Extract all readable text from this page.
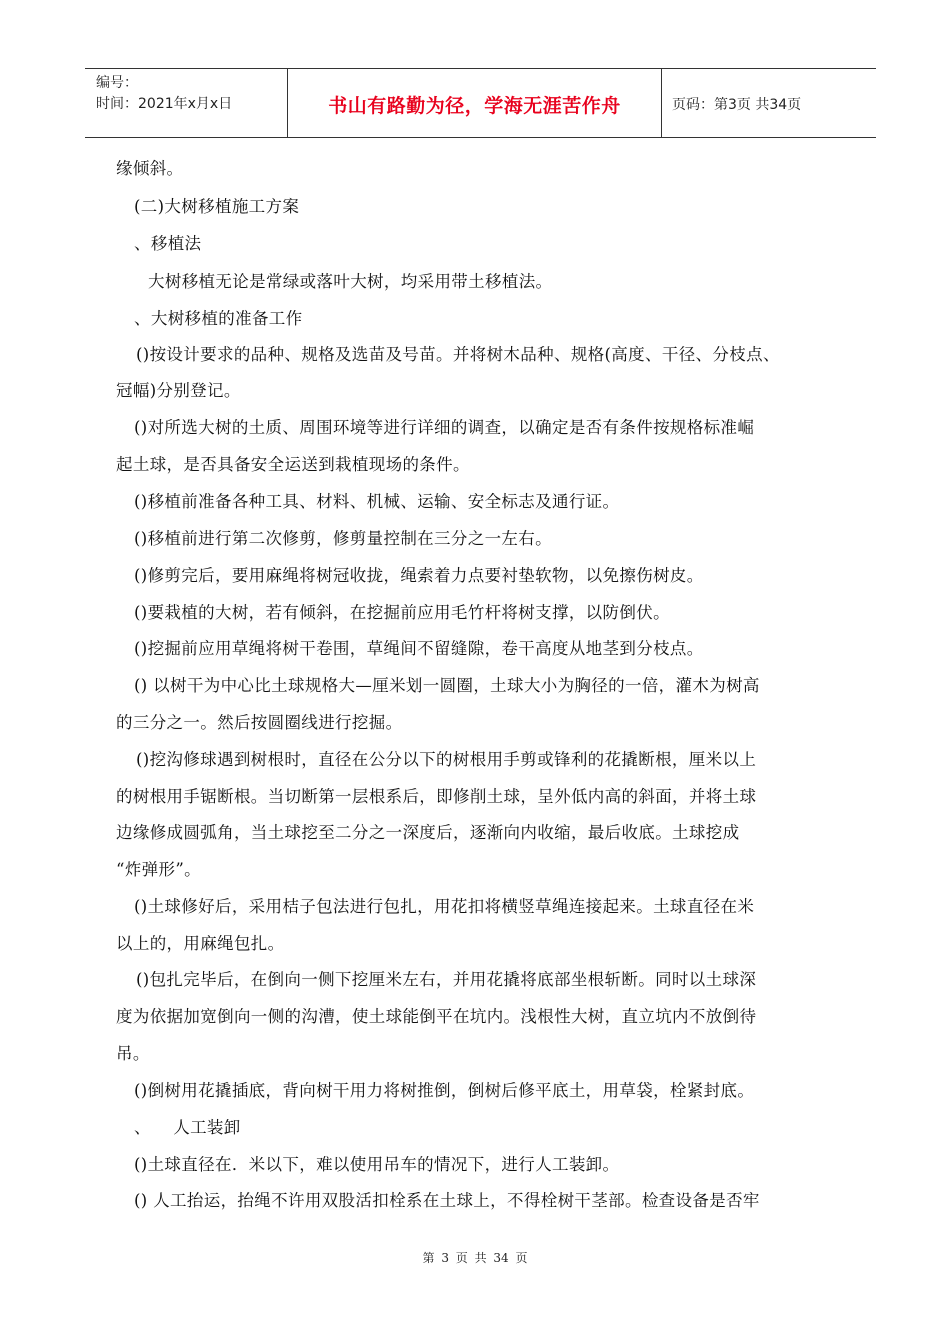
编号：
时间：2021年x月x日	书山有路勤为径，学海无涯苦作舟	页码：第3页 共34页
缘倾斜。
(二)大树移植施工方案
、移植法
大树移植无论是常绿或落叶大树，均采用带土移植法。
、大树移植的准备工作
()按设计要求的品种、规格及选苗及号苗。并将树木品种、规格(高度、干径、分枝点、
冠幅)分别登记。
()对所选大树的土质、周围环境等进行详细的调查，以确定是否有条件按规格标准崛
起土球，是否具备安全运送到栽植现场的条件。
()移植前准备各种工具、材料、机械、运输、安全标志及通行证。
()移植前进行第二次修剪，修剪量控制在三分之一左右。
()修剪完后，要用麻绳将树冠收拢，绳索着力点要衬垫软物，以免擦伤树皮。
()要栽植的大树，若有倾斜，在挖掘前应用毛竹杆将树支撑，以防倒伏。
()挖掘前应用草绳将树干卷围，草绳间不留缝隙，卷干高度从地茎到分枝点。
() 以树干为中心比土球规格大—厘米划一圆圈，土球大小为胸径的一倍，灌木为树高
的三分之一。然后按圆圈线进行挖掘。
()挖沟修球遇到树根时，直径在公分以下的树根用手剪或锋利的花撬断根，厘米以上
的树根用手锯断根。当切断第一层根系后，即修削土球，呈外低内高的斜面，并将土球
边缘修成圆弧角，当土球挖至二分之一深度后，逐渐向内收缩，最后收底。土球挖成
“炸弹形”。
()土球修好后，采用桔子包法进行包扎，用花扣将横竖草绳连接起来。土球直径在米
以上的，用麻绳包扎。
()包扎完毕后，在倒向一侧下挖厘米左右，并用花撬将底部坐根斩断。同时以土球深
度为依据加宽倒向一侧的沟漕，使土球能倒平在坑内。浅根性大树，直立坑内不放倒待
吊。
()倒树用花撬插底，背向树干用力将树推倒，倒树后修平底土，用草袋，栓紧封底。
、    人工装卸
()土球直径在．米以下，难以使用吊车的情况下，进行人工装卸。
() 人工抬运，抬绳不许用双股活扣栓系在土球上，不得栓树干茎部。检查设备是否牢
第 3 页 共 34 页
